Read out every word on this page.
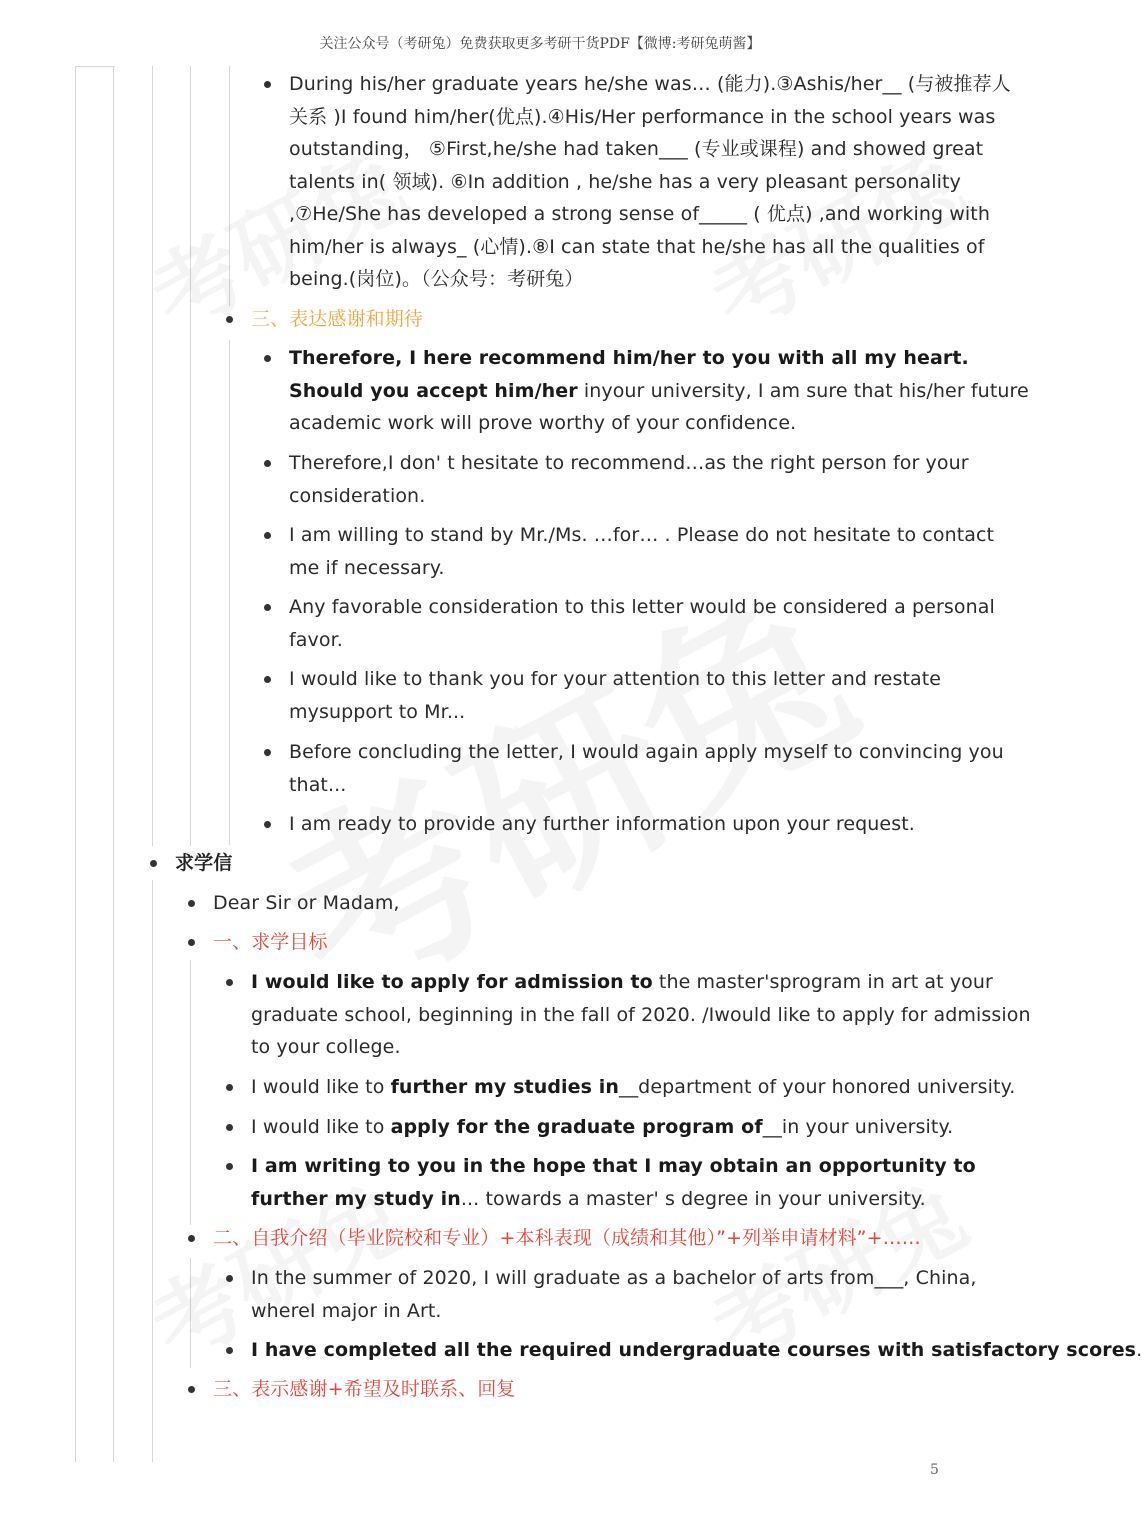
关注公众号（考研兔）免费获取更多考研干货PDF【微博:考研兔萌酱】
During his/her graduate years he/she was… (能力).③Ashis/her__ (与被推荐人关系 )I found him/her(优点).④His/Her performance in the school years was outstanding， ⑤First,he/she had taken___ (专业或课程) and showed great talents in( 领域). ⑥In addition , he/she has a very pleasant personality ,⑦He/She has developed a strong sense of_____ ( 优点) ,and working with him/her is always_ (心情).⑧I can state that he/she has all the qualities of being.(岗位)。（公众号：考研兔）
三、表达感谢和期待
Therefore, I here recommend him/her to you with all my heart. Should you accept him/her inyour university, I am sure that his/her future academic work will prove worthy of your confidence.
Therefore,I don' t hesitate to recommend…as the right person for your consideration.
I am willing to stand by Mr./Ms. …for… . Please do not hesitate to contact me if necessary.
Any favorable consideration to this letter would be considered a personal favor.
I would like to thank you for your attention to this letter and restate mysupport to Mr...
Before concluding the letter, I would again apply myself to convincing you that...
I am ready to provide any further information upon your request.
求学信
Dear Sir or Madam,
一、求学目标
I would like to apply for admission to the master'sprogram in art at your graduate school, beginning in the fall of 2020. /Iwould like to apply for admission to your college.
I would like to further my studies in__department of your honored university.
I would like to apply for the graduate program of__in your university.
I am writing to you in the hope that I may obtain an opportunity to further my study in... towards a master' s degree in your university.
二、自我介绍（毕业院校和专业）+本科表现（成绩和其他）”+列举申请材料”+……
In the summer of 2020, I will graduate as a bachelor of arts from___, China, whereI major in Art.
I have completed all the required undergraduate courses with satisfactory scores.
三、表示感谢+希望及时联系、回复
5
